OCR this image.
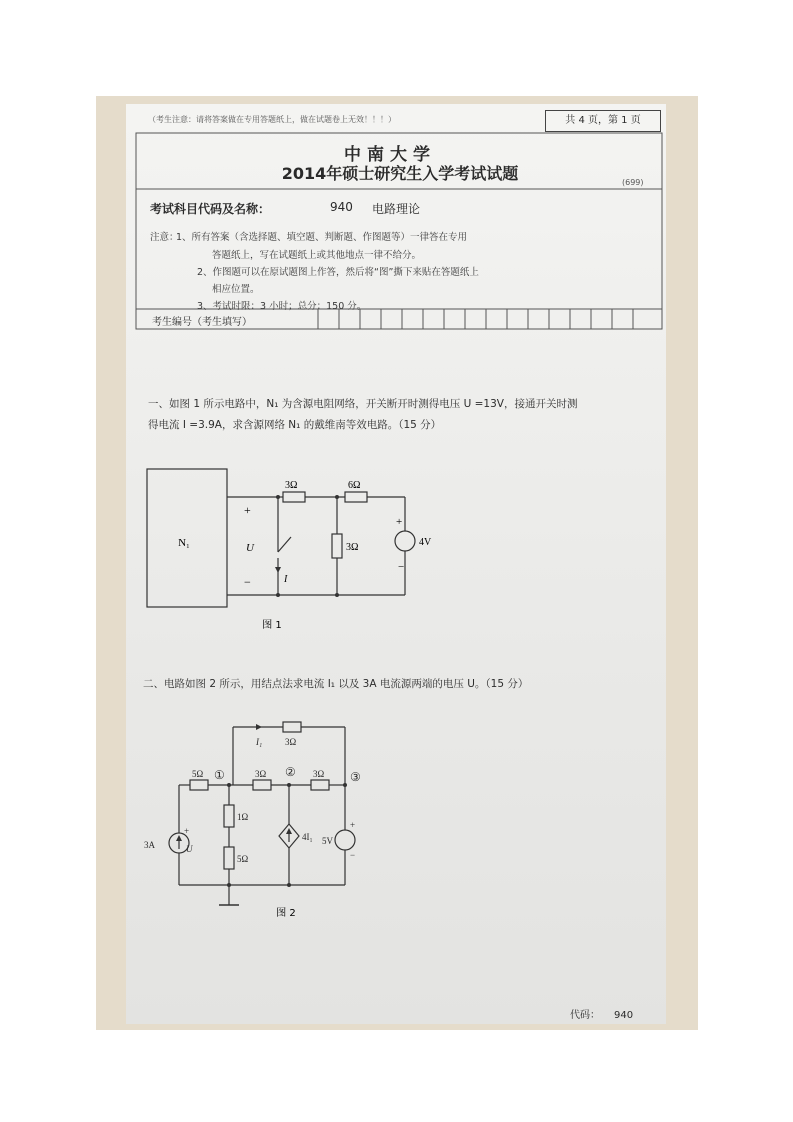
（考生注意：请将答案做在专用答题纸上，做在试题卷上无效！！！）	共 4 页，第 1 页
中南大学
2014年硕士研究生入学考试试题	(699)
考试科目代码及名称：	940 电路理论
注意：
1、所有答案（含选择题、填空题、判断题、作图题等）一律答在专用
答题纸上，写在试题纸上或其他地点一律不给分。
2、作图题可以在原试题图上作答，然后将“图”撕下来贴在答题纸上
相应位置。
3、考试时限：3 小时；总分：150 分。
考生编号（考生填写）
一、如图 1 所示电路中，N₁ 为含源电阻网络，开关断开时测得电压 U =13V，接通开关时测
得电流 I =3.9A，求含源网络 N₁ 的戴维南等效电路。（15 分）
N₁
3Ω	6Ω
3Ω	4V
+
−
+
U
−	I
图 1
二、电路如图 2 所示，用结点法求电流 I₁ 以及 3A 电流源两端的电压 U。（15 分）
I₁	3Ω
5Ω	3Ω	3Ω
1Ω
5Ω
①	②	③
3A
+
U
4I₁ 5V
+
−
图 2
代码： 940
